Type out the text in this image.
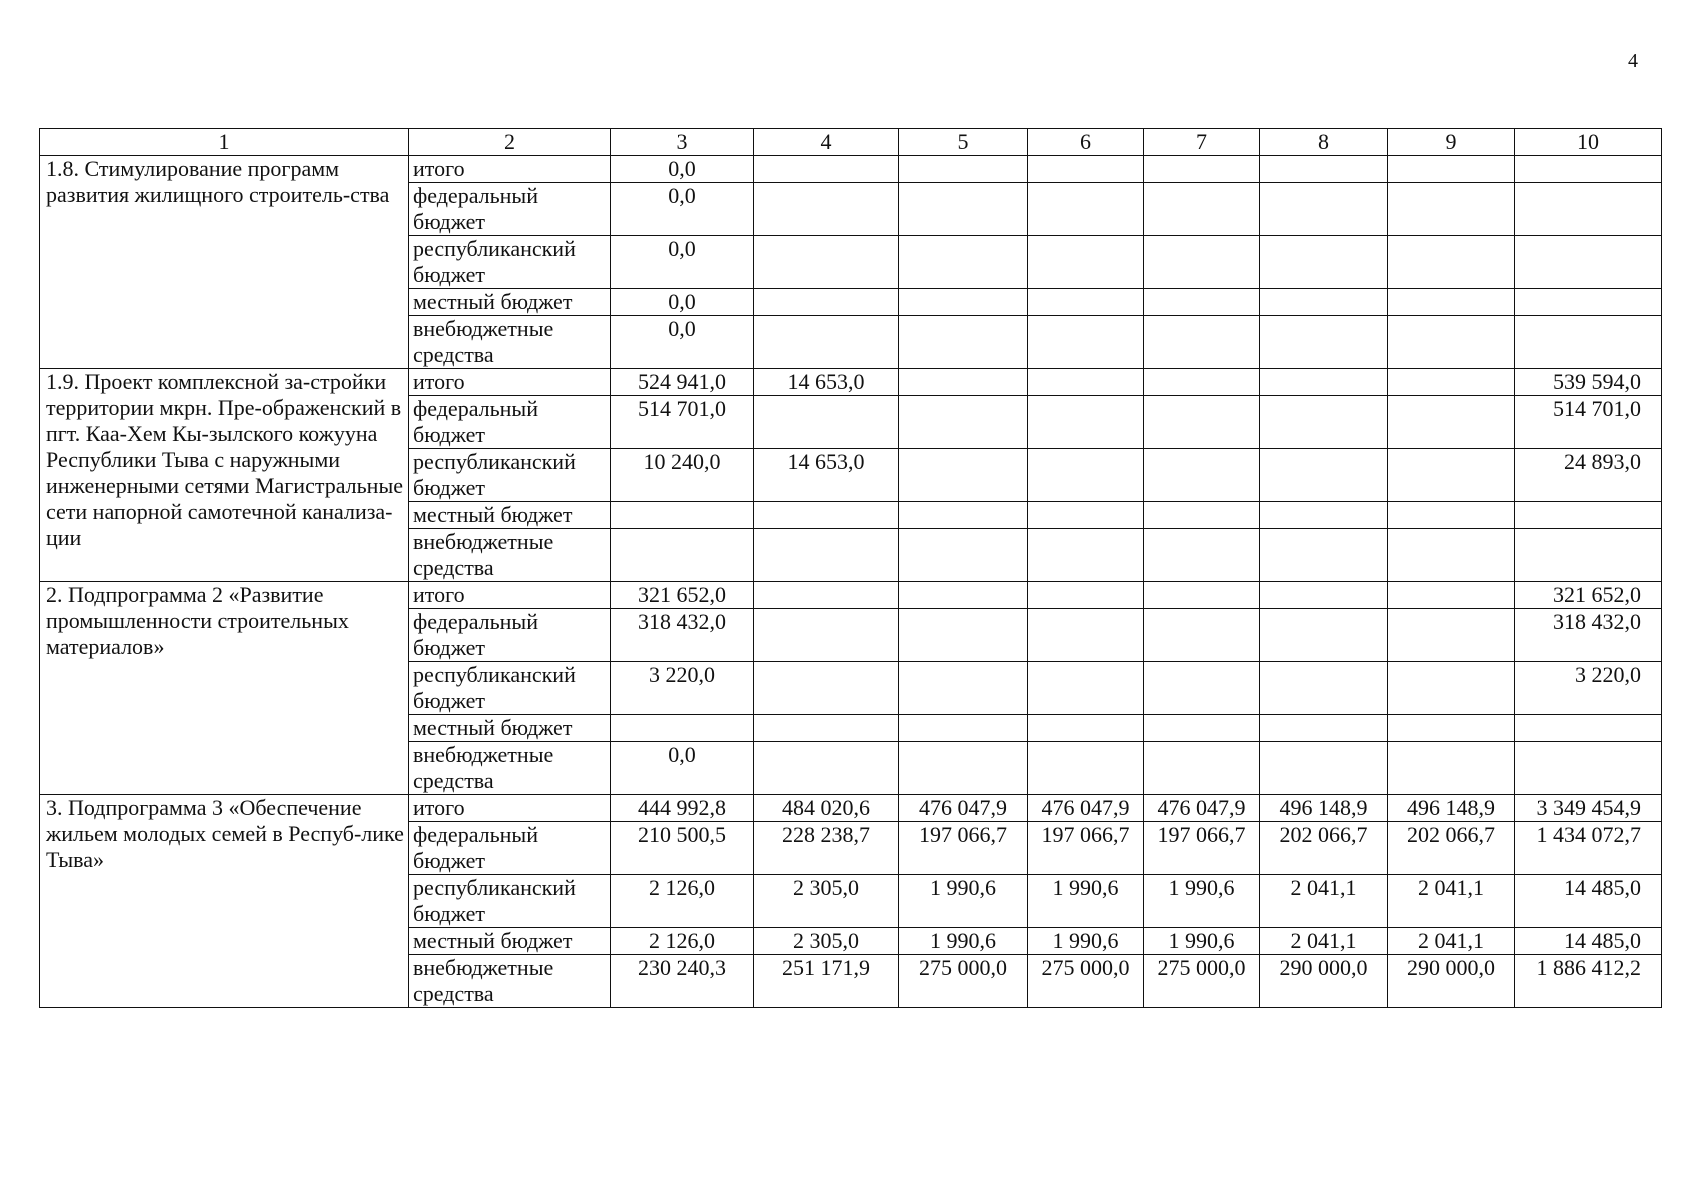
4
1	2	3	4	5	6	7	8	9	10
1.8. Стимулирование программ развития жилищного строитель-ства	итого	0,0							
	федеральный бюджет	0,0							
	республиканский бюджет	0,0							
	местный бюджет	0,0							
	внебюджетные средства	0,0							
1.9. Проект комплексной за-стройки территории мкрн. Пре-ображенский в пгт. Каа-Хем Кы-зылского кожууна Республики Тыва с наружными инженерными сетями Магистральные сети напорной самотечной канализа-ции	итого	524 941,0	14 653,0						539 594,0
	федеральный бюджет	514 701,0							514 701,0
	республиканский бюджет	10 240,0	14 653,0						24 893,0
	местный бюджет								
	внебюджетные средства								
2. Подпрограмма 2 «Развитие промышленности строительных материалов»	итого	321 652,0							321 652,0
	федеральный бюджет	318 432,0							318 432,0
	республиканский бюджет	3 220,0							3 220,0
	местный бюджет								
	внебюджетные средства	0,0							
3. Подпрограмма 3 «Обеспечение жильем молодых семей в Респуб-лике Тыва»	итого	444 992,8	484 020,6	476 047,9	476 047,9	476 047,9	496 148,9	496 148,9	3 349 454,9
	федеральный бюджет	210 500,5	228 238,7	197 066,7	197 066,7	197 066,7	202 066,7	202 066,7	1 434 072,7
	республиканский бюджет	2 126,0	2 305,0	1 990,6	1 990,6	1 990,6	2 041,1	2 041,1	14 485,0
	местный бюджет	2 126,0	2 305,0	1 990,6	1 990,6	1 990,6	2 041,1	2 041,1	14 485,0
	внебюджетные средства	230 240,3	251 171,9	275 000,0	275 000,0	275 000,0	290 000,0	290 000,0	1 886 412,2
